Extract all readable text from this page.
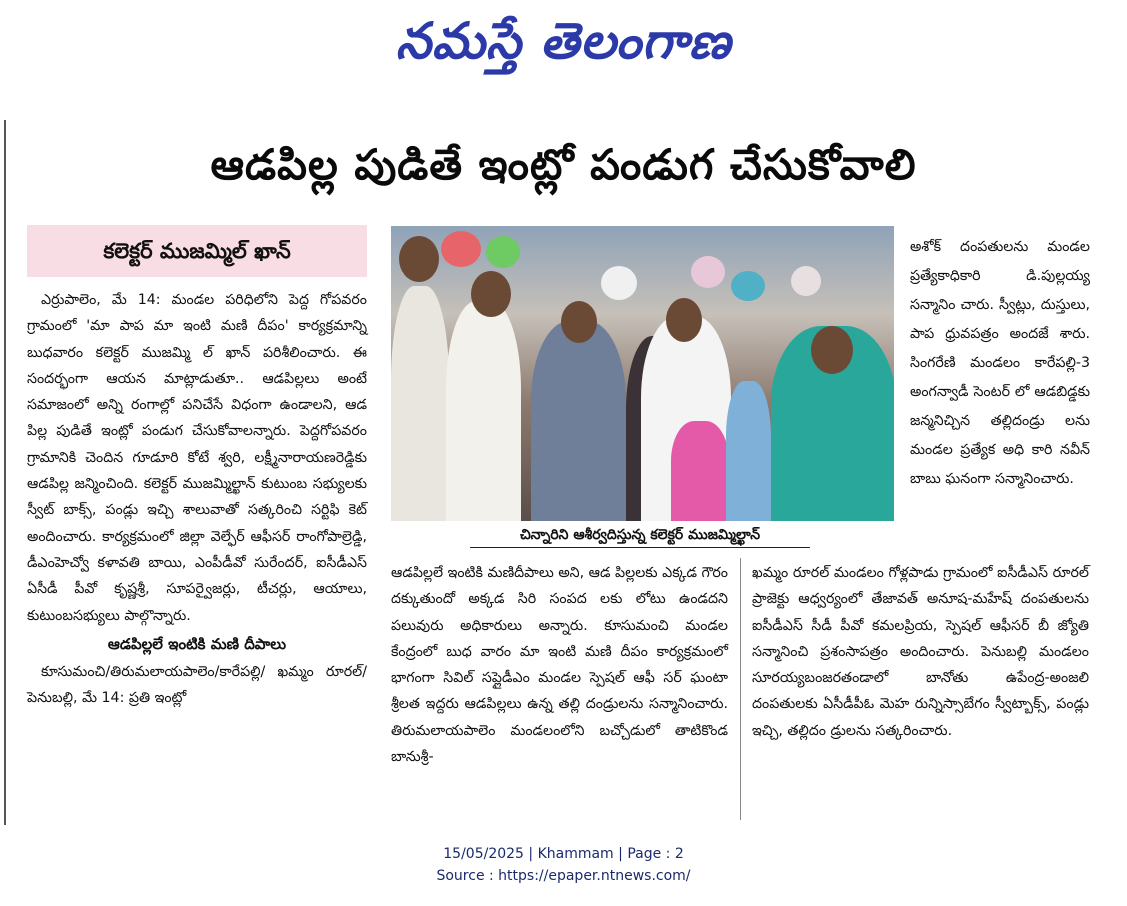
నమస్తే తెలంగాణ
ఆడపిల్ల పుడితే ఇంట్లో పండుగ చేసుకోవాలి
కలెక్టర్ ముజమ్మిల్ ఖాన్

ఎర్రుపాలెం, మే 14: మండల పరిధిలోని పెద్ద గోపవరం గ్రామంలో 'మా పాప మా ఇంటి మణి దీపం' కార్యక్రమాన్ని బుధవారం కలెక్టర్ ముజమ్మి ల్ ఖాన్ పరిశీలించారు. ఈ సందర్భంగా ఆయన మాట్లాడుతూ.. ఆడపిల్లలు అంటే సమాజంలో అన్ని రంగాల్లో పనిచేసే విధంగా ఉండాలని, ఆడ పిల్ల పుడితే ఇంట్లో పండుగ చేసుకోవాలన్నారు. పెద్దగోపవరం గ్రామానికి చెందిన గూడూరి కోటే శ్వరి, లక్ష్మీనారాయణరెడ్డికు ఆడపిల్ల జన్మించింది. కలెక్టర్ ముజమ్మిల్ఖాన్ కుటుంబ సభ్యులకు స్వీట్ బాక్స్, పండ్లు ఇచ్చి శాలువాతో సత్కరించి సర్టిఫి కెట్ అందించారు. కార్యక్రమంలో జిల్లా వెల్ఫేర్ ఆఫీసర్ రాంగోపాల్రెడ్డి, డీఎంహెచ్వో కళావతి బాయి, ఎంపీడీవో సురేందర్, ఐసీడీఎస్ ఏసీడీ పీవో కృష్ణశ్రీ, సూపర్వైజర్లు, టీచర్లు, ఆయాలు, కుటుంబసభ్యులు పాల్గొన్నారు.

ఆడపిల్లలే ఇంటికి మణి దీపాలు

కూసుమంచి/తిరుమలాయపాలెం/కారేపల్లి/ ఖమ్మం రూరల్/పెనుబల్లి, మే 14: ప్రతి ఇంట్లో

చిన్నారిని ఆశీర్వదిస్తున్న కలెక్టర్ ముజమ్మిల్ఖాన్
అశోక్ దంపతులను మండల ప్రత్యేకాధికారి డి.పుల్లయ్య సన్మానిం చారు. స్వీట్లు, దుస్తులు, పాప ధ్రువపత్రం అందజే శారు. సింగరేణి మండలం కారేపల్లి-3 అంగన్వాడీ సెంటర్ లో ఆడబిడ్డకు జన్మనిచ్చిన తల్లిదండ్రు లను మండల ప్రత్యేక అధి కారి నవీన్ బాబు ఘనంగా సన్మానించారు.
ఆడపిల్లలే ఇంటికి మణిదీపాలు అని, ఆడ పిల్లలకు ఎక్కడ గౌరం దక్కుతుందో అక్కడ సిరి సంపద లకు లోటు ఉండదని పలువురు అధికారులు అన్నారు. కూసుమంచి మండల కేంద్రంలో బుధ వారం మా ఇంటి మణి దీపం కార్యక్రమంలో భాగంగా సివిల్ సప్లైడీఎం మండల స్పెషల్ ఆఫీ సర్ ఘంటా శ్రీలత ఇద్దరు ఆడపిల్లలు ఉన్న తల్లి దండ్రులను సన్మానించారు. తిరుమలాయపాలెం మండలంలోని బచ్చోడులో తాటికొండ బానుశ్రీ-
ఖమ్మం రూరల్ మండలం గోళ్లపాడు గ్రామంలో ఐసీడీఎస్ రూరల్ ప్రాజెక్టు ఆధ్వర్యంలో తేజావత్ అనూష-మహేష్ దంపతులను ఐసీడీఎస్ సీడీ పీవో కమలప్రియ, స్పెషల్ ఆఫీసర్ బీ జ్యోతి సన్మానించి ప్రశంసాపత్రం అందించారు. పెనుబల్లి మండలం సూరయ్యబంజరతండాలో బానోతు ఉపేంద్ర-అంజలి దంపతులకు ఏసీడీపీఓ మెహ రున్నిస్సాబేగం స్వీట్బాక్స్, పండ్లు ఇచ్చి, తల్లిదం డ్రులను సత్కరించారు.
15/05/2025 | Khammam | Page : 2
Source : https://epaper.ntnews.com/
